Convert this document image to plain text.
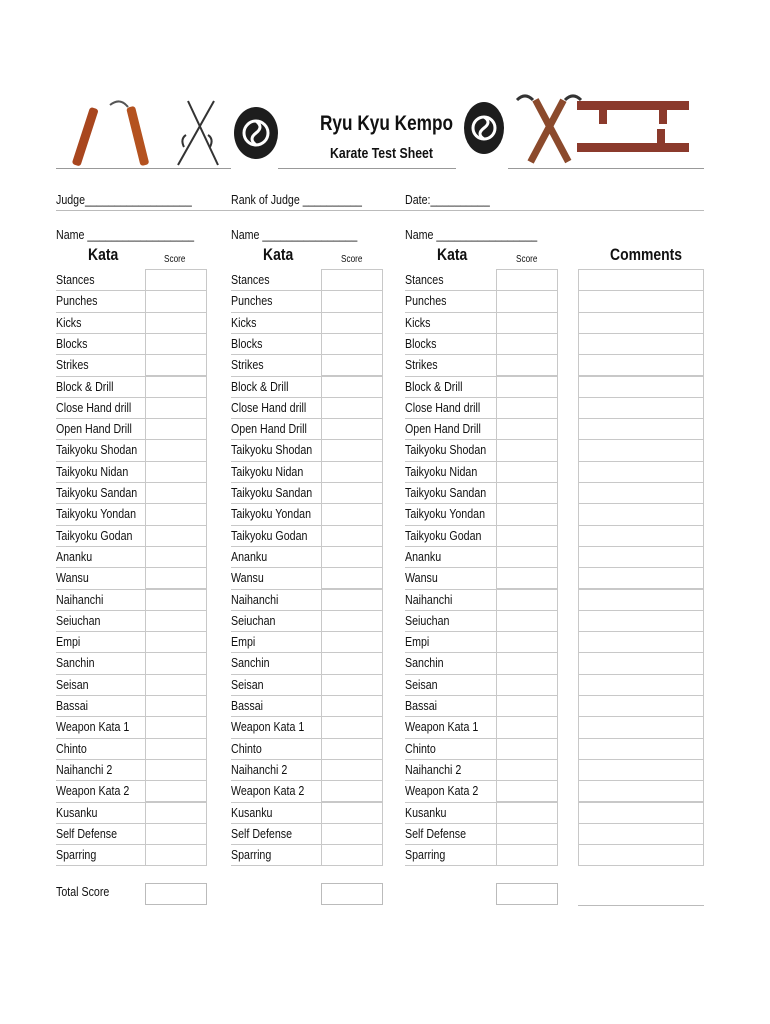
Ryu Kyu Kempo
Karate Test Sheet
Judge__________________	Rank of Judge __________	Date:__________
Name __________________	Name ________________	Name _________________
Kata	Score	Kata	Score	Kata	Score	Comments
Stances	Stances	Stances
Punches	Punches	Punches
Kicks	Kicks	Kicks
Blocks	Blocks	Blocks
Strikes	Strikes	Strikes
Block & Drill	Block & Drill	Block & Drill
Close Hand drill	Close Hand drill	Close Hand drill
Open Hand Drill	Open Hand Drill	Open Hand Drill
Taikyoku Shodan	Taikyoku Shodan	Taikyoku Shodan
Taikyoku Nidan	Taikyoku Nidan	Taikyoku Nidan
Taikyoku Sandan	Taikyoku Sandan	Taikyoku Sandan
Taikyoku Yondan	Taikyoku Yondan	Taikyoku Yondan
Taikyoku Godan	Taikyoku Godan	Taikyoku Godan
Ananku	Ananku	Ananku
Wansu	Wansu	Wansu
Naihanchi	Naihanchi	Naihanchi
Seiuchan	Seiuchan	Seiuchan
Empi	Empi	Empi
Sanchin	Sanchin	Sanchin
Seisan	Seisan	Seisan
Bassai	Bassai	Bassai
Weapon Kata 1	Weapon Kata 1	Weapon Kata 1
Chinto	Chinto	Chinto
Naihanchi 2	Naihanchi 2	Naihanchi 2
Weapon Kata 2	Weapon Kata 2	Weapon Kata 2
Kusanku	Kusanku	Kusanku
Self Defense	Self Defense	Self Defense
Sparring	Sparring	Sparring
Total Score
